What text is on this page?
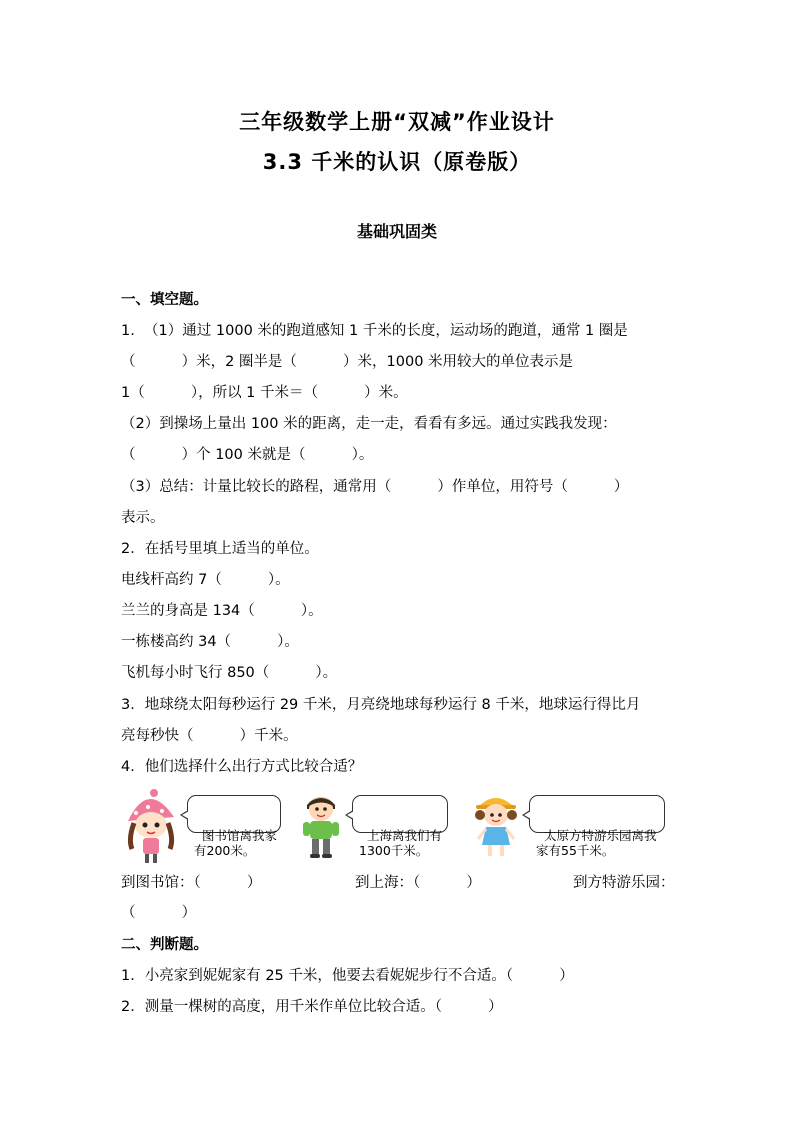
三年级数学上册“双减”作业设计
3.3 千米的认识（原卷版）
基础巩固类
一、填空题。
1.  （1）通过 1000 米的跑道感知 1 千米的长度，运动场的跑道，通常 1 圈是
（          ）米，2 圈半是（          ）米，1000 米用较大的单位表示是
1（          ），所以 1 千米＝（          ）米。
（2）到操场上量出 100 米的距离，走一走，看看有多远。通过实践我发现：
（          ）个 100 米就是（          ）。
（3）总结：计量比较长的路程，通常用（          ）作单位，用符号（          ）
表示。
2．在括号里填上适当的单位。
电线杆高约 7（          ）。
兰兰的身高是 134（          ）。
一栋楼高约 34（          ）。
飞机每小时飞行 850（          ）。
3．地球绕太阳每秒运行 29 千米，月亮绕地球每秒运行 8 千米，地球运行得比月
亮每秒快（          ）千米。
4．他们选择什么出行方式比较合适？

图书馆离我家
有200米。

上海离我们有
1300千米。

太原方特游乐园离我
家有55千米。

到图书馆：（          ）	到上海：（          ）	到方特游乐园：
（          ）
二、判断题。
1．小亮家到妮妮家有 25 千米，他要去看妮妮步行不合适。（          ）
2．测量一棵树的高度，用千米作单位比较合适。（          ）
